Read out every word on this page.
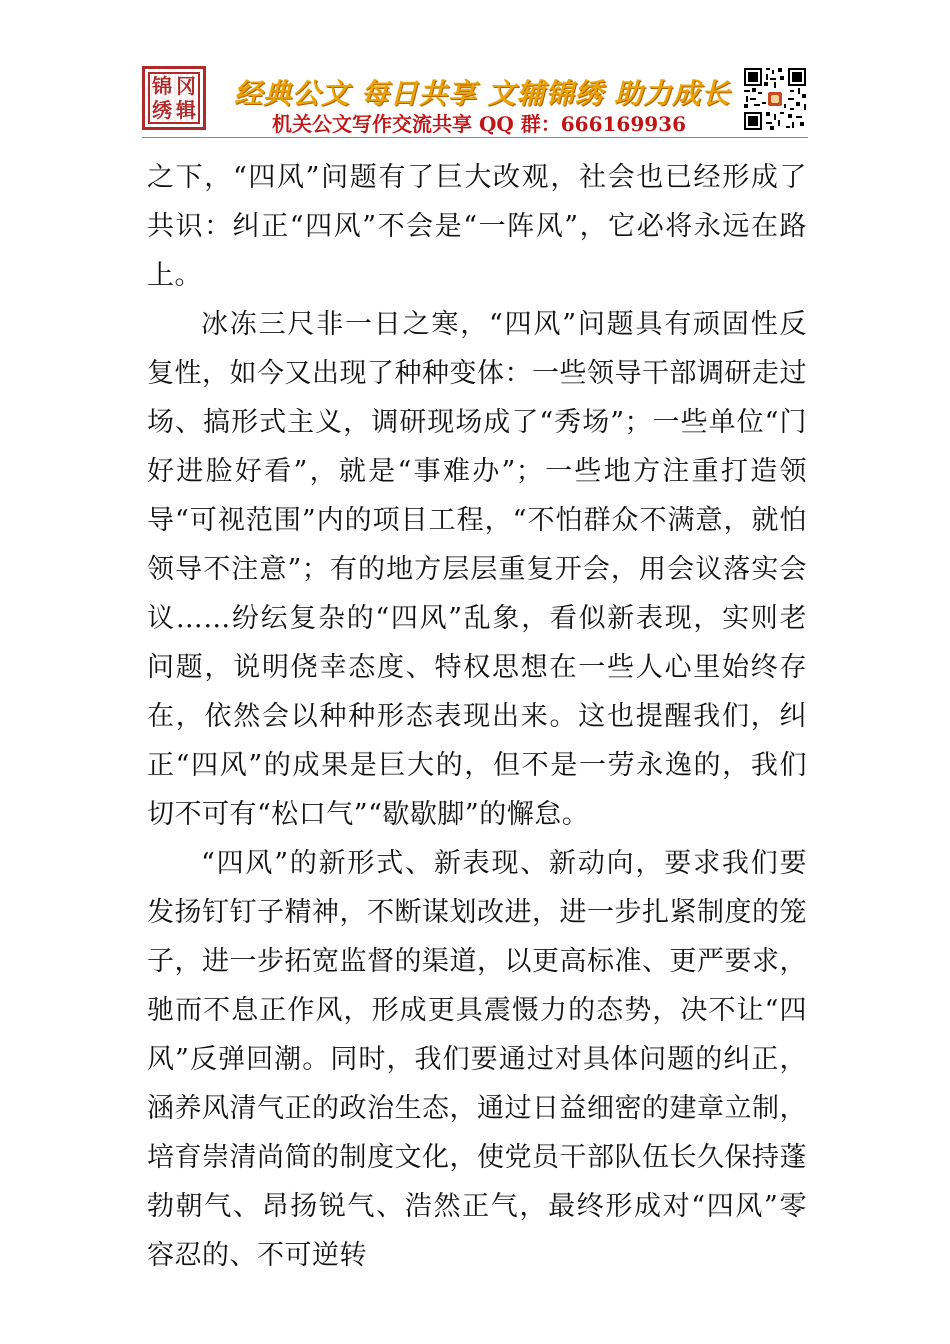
锦 冈
绣 辑 经典公文 每日共享 文辅锦绣 助力成长
机关公文写作交流共享 QQ 群：666169936

之下，“四风”问题有了巨大改观，社会也已经形成了共识：纠正“四风”不会是“一阵风”，它必将永远在路上。

冰冻三尺非一日之寒，“四风”问题具有顽固性反复性，如今又出现了种种变体：一些领导干部调研走过场、搞形式主义，调研现场成了“秀场”；一些单位“门好进脸好看”，就是“事难办”；一些地方注重打造领导“可视范围”内的项目工程，“不怕群众不满意，就怕领导不注意”；有的地方层层重复开会，用会议落实会议……纷纭复杂的“四风”乱象，看似新表现，实则老问题，说明侥幸态度、特权思想在一些人心里始终存在，依然会以种种形态表现出来。这也提醒我们，纠正“四风”的成果是巨大的，但不是一劳永逸的，我们切不可有“松口气”“歇歇脚”的懈怠。

“四风”的新形式、新表现、新动向，要求我们要发扬钉钉子精神，不断谋划改进，进一步扎紧制度的笼子，进一步拓宽监督的渠道，以更高标准、更严要求，驰而不息正作风，形成更具震慑力的态势，决不让“四风”反弹回潮。同时，我们要通过对具体问题的纠正，涵养风清气正的政治生态，通过日益细密的建章立制，培育崇清尚简的制度文化，使党员干部队伍长久保持蓬勃朝气、昂扬锐气、浩然正气，最终形成对“四风”零容忍的、不可逆转
